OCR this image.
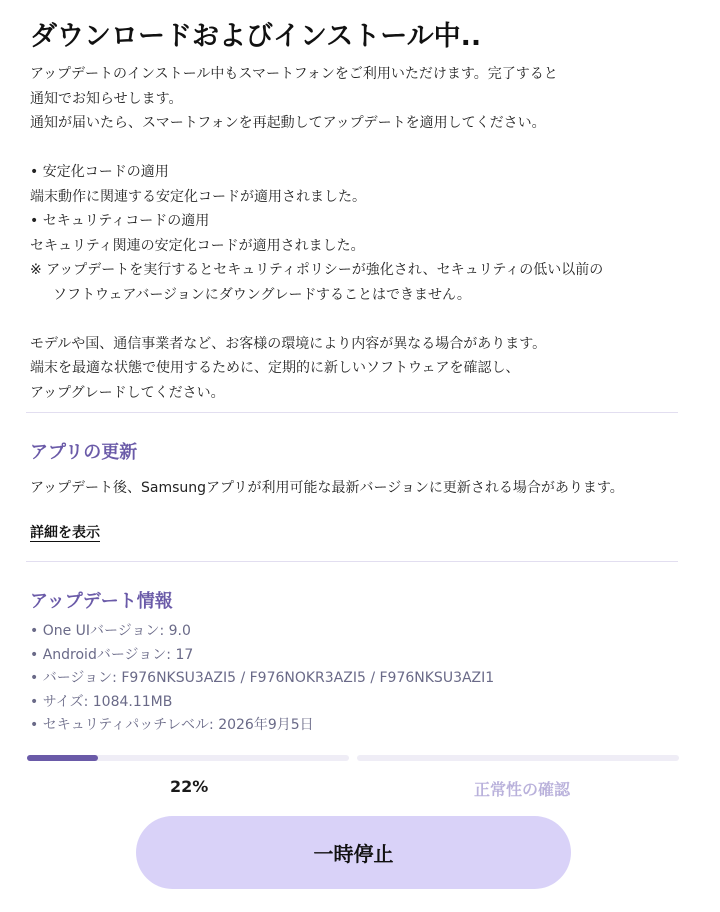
ダウンロードおよびインストール中..
アップデートのインストール中もスマートフォンをご利用いただけます。完了すると
通知でお知らせします。
通知が届いたら、スマートフォンを再起動してアップデートを適用してください。
• 安定化コードの適用
端末動作に関連する安定化コードが適用されました。
• セキュリティコードの適用
セキュリティ関連の安定化コードが適用されました。
※ アップデートを実行するとセキュリティポリシーが強化され、セキュリティの低い以前の
ソフトウェアバージョンにダウングレードすることはできません。
モデルや国、通信事業者など、お客様の環境により内容が異なる場合があります。
端末を最適な状態で使用するために、定期的に新しいソフトウェアを確認し、
アップグレードしてください。
アプリの更新
アップデート後、Samsungアプリが利用可能な最新バージョンに更新される場合があります。
詳細を表示
アップデート情報
• One UIバージョン: 9.0
• Androidバージョン: 17
• バージョン: F976NKSU3AZI5 / F976NOKR3AZI5 / F976NKSU3AZI1
• サイズ: 1084.11MB
• セキュリティパッチレベル: 2026年9月5日
22%	正常性の確認
一時停止
